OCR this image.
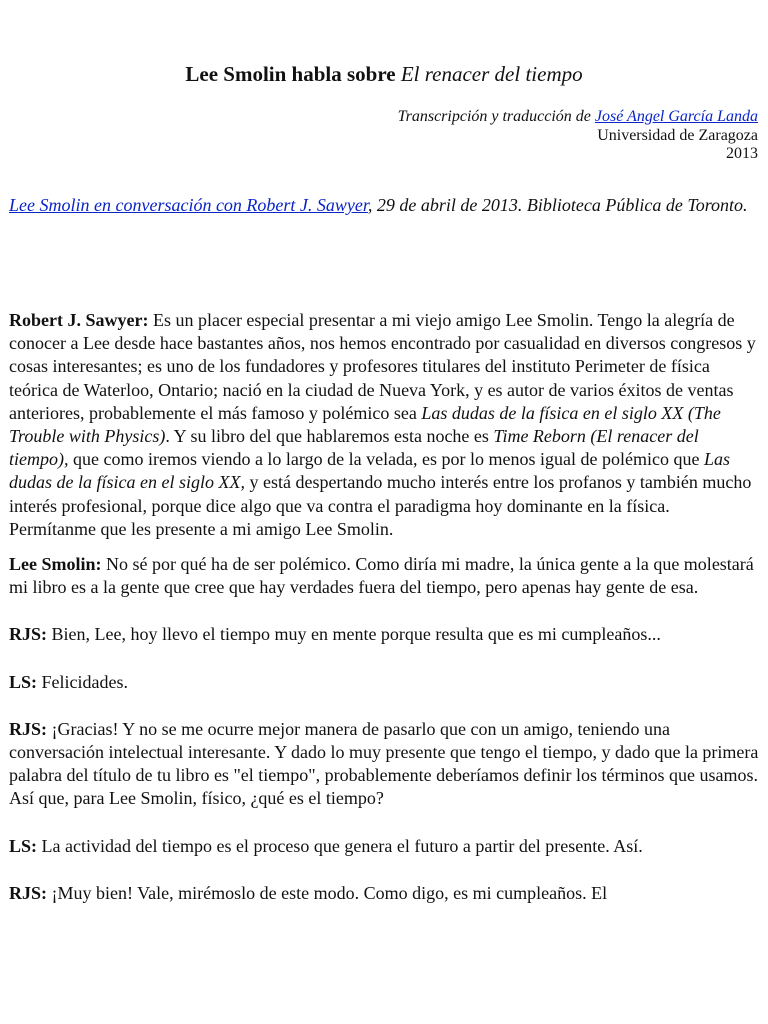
Lee Smolin habla sobre El renacer del tiempo
Transcripción y traducción de José Angel García Landa
Universidad de Zaragoza
2013
Lee Smolin en conversación con Robert J. Sawyer, 29 de abril de 2013. Biblioteca Pública de Toronto.

Robert J. Sawyer: Es un placer especial presentar a mi viejo amigo Lee Smolin. Tengo la alegría de conocer a Lee desde hace bastantes años, nos hemos encontrado por casualidad en diversos congresos y cosas interesantes; es uno de los fundadores y profesores titulares del instituto Perimeter de física teórica de Waterloo, Ontario; nació en la ciudad de Nueva York, y es autor de varios éxitos de ventas anteriores, probablemente el más famoso y polémico sea Las dudas de la física en el siglo XX (The Trouble with Physics). Y su libro del que hablaremos esta noche es Time Reborn (El renacer del tiempo), que como iremos viendo a lo largo de la velada, es por lo menos igual de polémico que Las dudas de la física en el siglo XX, y está despertando mucho interés entre los profanos y también mucho interés profesional, porque dice algo que va contra el paradigma hoy dominante en la física. Permítanme que les presente a mi amigo Lee Smolin.

Lee Smolin: No sé por qué ha de ser polémico. Como diría mi madre, la única gente a la que molestará mi libro es a la gente que cree que hay verdades fuera del tiempo, pero apenas hay gente de esa.

RJS: Bien, Lee, hoy llevo el tiempo muy en mente porque resulta que es mi cumpleaños...

LS: Felicidades.

RJS: ¡Gracias! Y no se me ocurre mejor manera de pasarlo que con un amigo, teniendo una conversación intelectual interesante. Y dado lo muy presente que tengo el tiempo, y dado que la primera palabra del título de tu libro es "el tiempo", probablemente deberíamos definir los términos que usamos. Así que, para Lee Smolin, físico, ¿qué es el tiempo?

LS: La actividad del tiempo es el proceso que genera el futuro a partir del presente. Así.

RJS: ¡Muy bien! Vale, mirémoslo de este modo. Como digo, es mi cumpleaños. El
